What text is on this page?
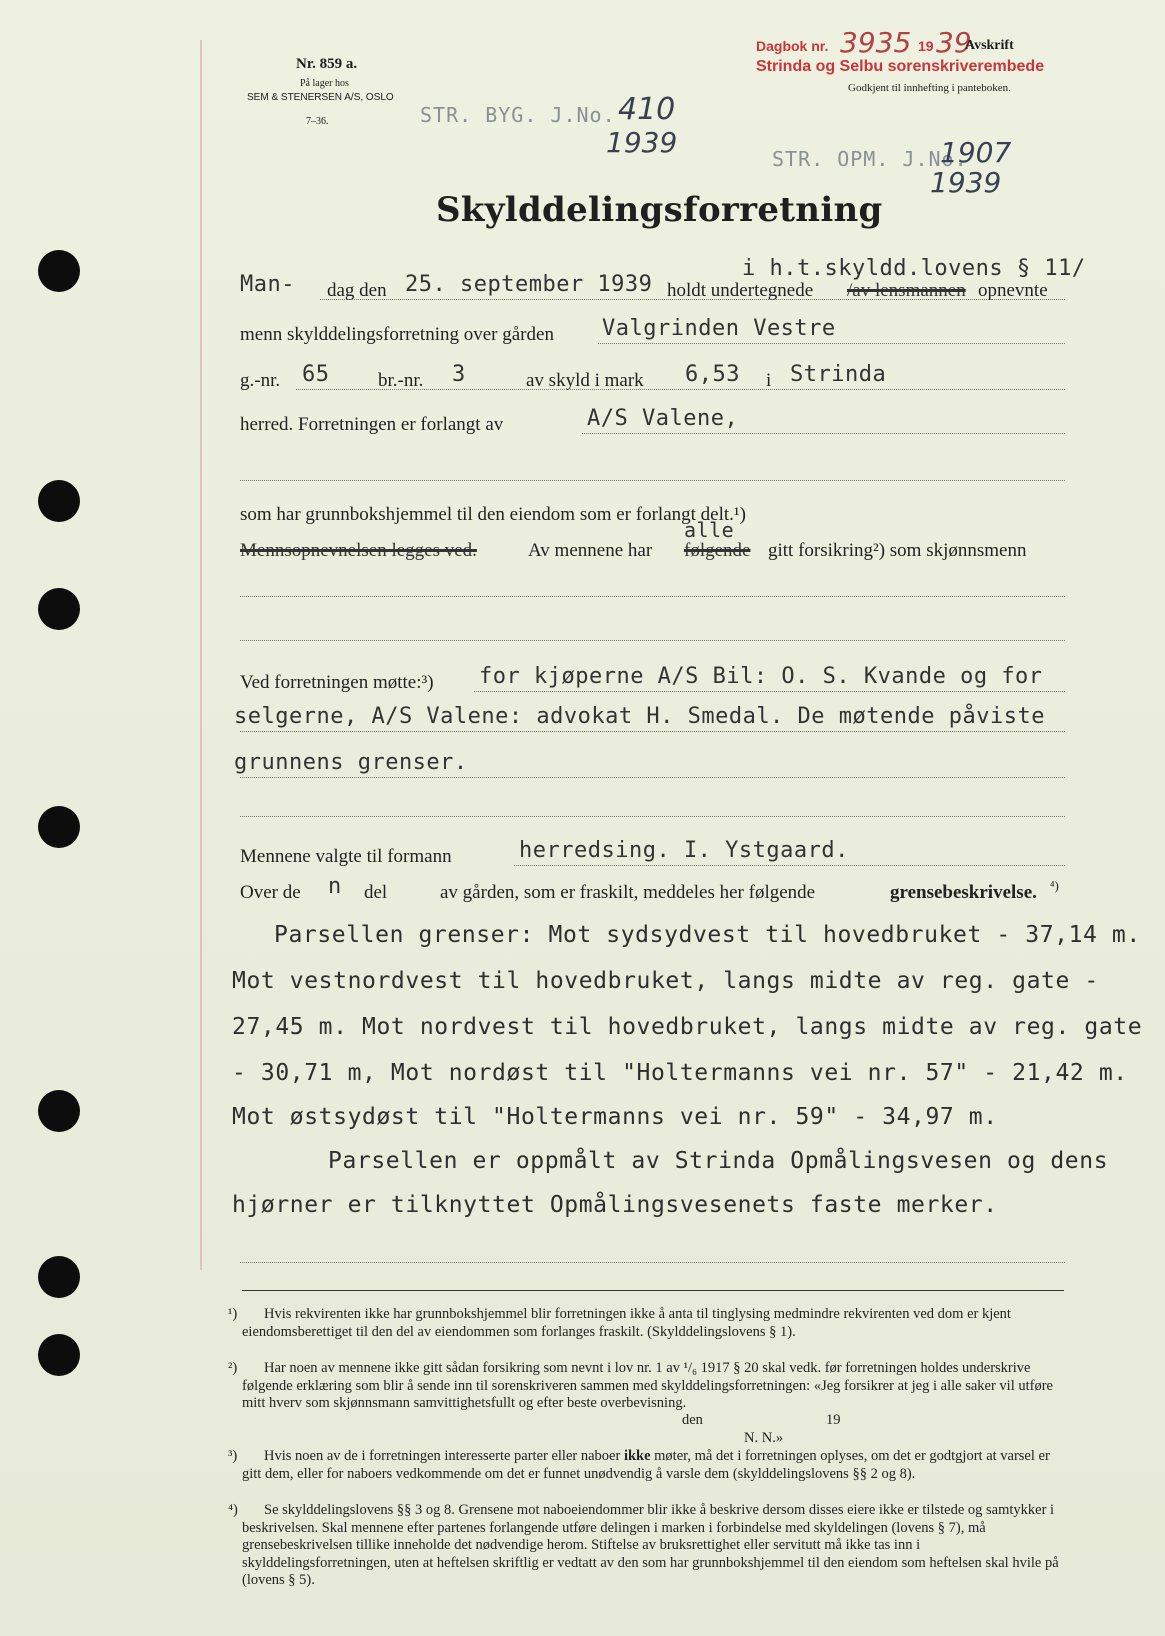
Nr. 859 a.
På lager hos
SEM & STENERSEN A/S, OSLO
7–36.	STR. BYG. J.No. 410
1939	STR. OPM. J.No.
1907
1939
Dagbok nr. 3935 19 39
Avskrift
Strinda og Selbu sorenskriverembede
Godkjent til innhefting i panteboken.
Skylddelingsforretning
i h.t.skyldd.lovens § 11/
Man- dag den 25. september 1939 holdt undertegnede /av lensmannen opnevnte
menn skylddelingsforretning over gården Valgrinden Vestre
g.-nr. 65	br.-nr. 3	av skyld i mark 6,53 i Strinda
herred. Forretningen er forlangt av	A/S Valene,
som har grunnbokshjemmel til den eiendom som er forlangt delt.¹)
Mennsopnevnelsen legges ved.	Av mennene har
alle
følgende gitt forsikring²) som skjønnsmenn
Ved forretningen møtte:³) for kjøperne A/S Bil: O. S. Kvande og for
selgerne, A/S Valene: advokat H. Smedal. De møtende påviste
grunnens grenser.
Mennene valgte til formann	herredsing. I. Ystgaard.
Over de n del	av gården, som er fraskilt, meddeles her følgende	grensebeskrivelse. ⁴)
Parsellen grenser: Mot sydsydvest til hovedbruket - 37,14 m.
Mot vestnordvest til hovedbruket, langs midte av reg. gate -
27,45 m. Mot nordvest til hovedbruket, langs midte av reg. gate
- 30,71 m, Mot nordøst til "Holtermanns vei nr. 57" - 21,42 m.
Mot østsydøst til "Holtermanns vei nr. 59" - 34,97 m.
Parsellen er oppmålt av Strinda Opmålingsvesen og dens
hjørner er tilknyttet Opmålingsvesenets faste merker.
¹) Hvis rekvirenten ikke har grunnbokshjemmel blir forretningen ikke å anta til tinglysing medmindre rekvirenten ved dom er kjent eiendomsberettiget til den del av eiendommen som forlanges fraskilt. (Skylddelingslovens § 1).
²) Har noen av mennene ikke gitt sådan forsikring som nevnt i lov nr. 1 av ¹/₆ 1917 § 20 skal vedk. før forretningen holdes underskrive følgende erklæring som blir å sende inn til sorenskriveren sammen med skylddelingsforretningen: «Jeg forsikrer at jeg i alle saker vil utføre mitt hverv som skjønnsmann samvittighetsfullt og efter beste overbevisning.
den	19
N. N.»
³) Hvis noen av de i forretningen interesserte parter eller naboer ikke møter, må det i forretningen oplyses, om det er godtgjort at varsel er gitt dem, eller for naboers vedkommende om det er funnet unødvendig å varsle dem (skylddelingslovens §§ 2 og 8).
⁴) Se skylddelingslovens §§ 3 og 8. Grensene mot naboeiendommer blir ikke å beskrive dersom disses eiere ikke er tilstede og samtykker i beskrivelsen. Skal mennene efter partenes forlangende utføre delingen i marken i forbindelse med skyldelingen (lovens § 7), må grensebeskrivelsen tillike inneholde det nødvendige herom. Stiftelse av bruksrettighet eller servitutt må ikke tas inn i skylddelingsforretningen, uten at heftelsen skriftlig er vedtatt av den som har grunnbokshjemmel til den eiendom som heftelsen skal hvile på (lovens § 5).
